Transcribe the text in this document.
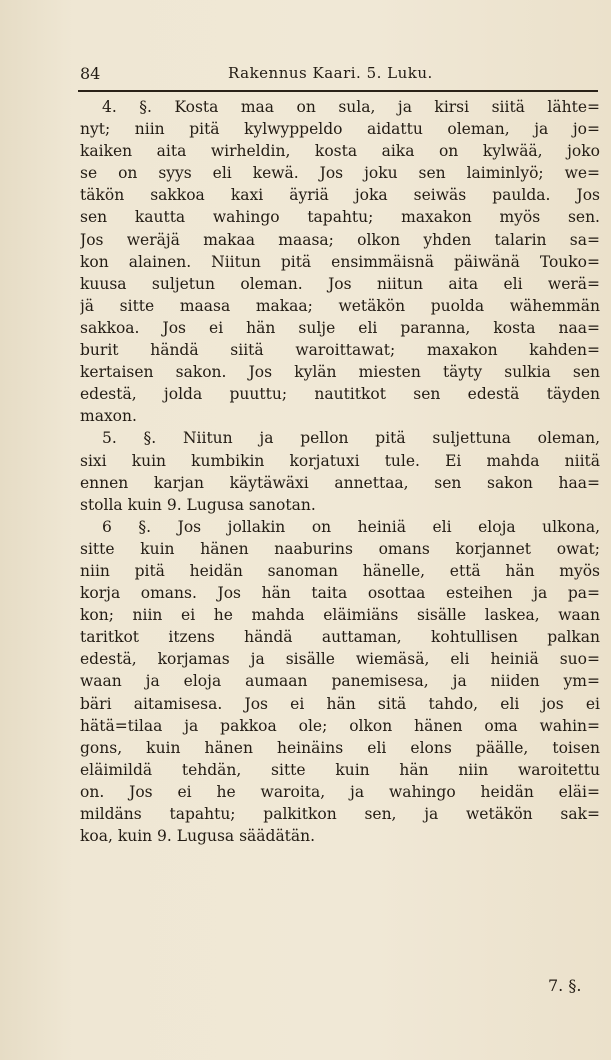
84	Rakennus Kaari. 5. Luku.
4. §. Kosta maa on sula, ja kirsi siitä lähte=
nyt; niin pitä kylwyppeldo aidattu oleman, ja jo=
kaiken aita wirheldin, kosta aika on kylwää, joko
se on syys eli kewä. Jos joku sen laiminlyö; we=
täkön sakkoa kaxi äyriä joka seiwäs paulda. Jos
sen kautta wahingo tapahtu; maxakon myös sen.
Jos weräjä makaa maasa; olkon yhden talarin sa=
kon alainen. Niitun pitä ensimmäisnä päiwänä Touko=
kuusa suljetun oleman. Jos niitun aita eli werä=
jä sitte maasa makaa; wetäkön puolda wähemmän
sakkoa. Jos ei hän sulje eli paranna, kosta naa=
burit händä siitä waroittawat; maxakon kahden=
kertaisen sakon. Jos kylän miesten täyty sulkia sen
edestä, jolda puuttu; nautitkot sen edestä täyden
maxon.
5. §. Niitun ja pellon pitä suljettuna oleman,
sixi kuin kumbikin korjatuxi tule. Ei mahda niitä
ennen karjan käytäwäxi annettaa, sen sakon haa=
stolla kuin 9. Lugusa sanotan.
6 §. Jos jollakin on heiniä eli eloja ulkona,
sitte kuin hänen naaburins omans korjannet owat;
niin pitä heidän sanoman hänelle, että hän myös
korja omans. Jos hän taita osottaa esteihen ja pa=
kon; niin ei he mahda eläimiäns sisälle laskea, waan
taritkot itzens händä auttaman, kohtullisen palkan
edestä, korjamas ja sisälle wiemäsä, eli heiniä suo=
waan ja eloja aumaan panemisesa, ja niiden ym=
bäri aitamisesa. Jos ei hän sitä tahdo, eli jos ei
hätä=tilaa ja pakkoa ole; olkon hänen oma wahin=
gons, kuin hänen heinäins eli elons päälle, toisen
eläimildä tehdän, sitte kuin hän niin waroitettu
on. Jos ei he waroita, ja wahingo heidän eläi=
mildäns tapahtu; palkitkon sen, ja wetäkön sak=
koa, kuin 9. Lugusa säädätän.
7. §.
